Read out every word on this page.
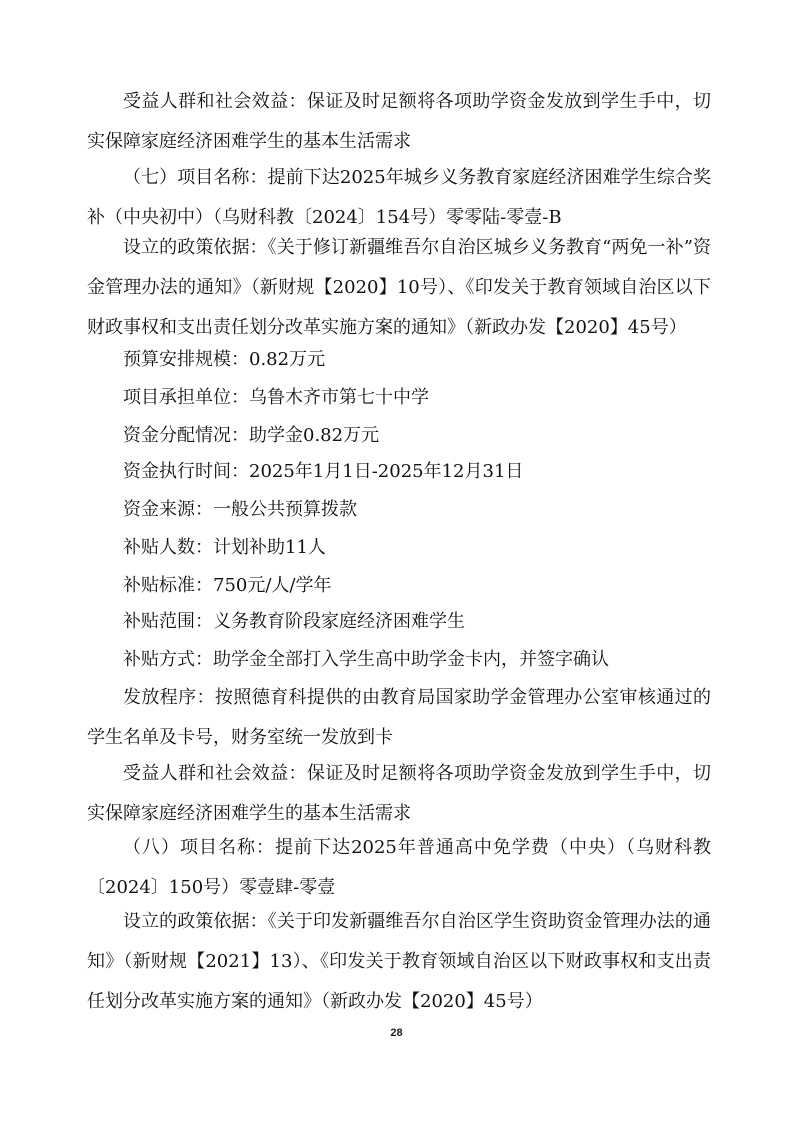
受益人群和社会效益：保证及时足额将各项助学资金发放到学生手中，切实保障家庭经济困难学生的基本生活需求

（七）项目名称：提前下达2025年城乡义务教育家庭经济困难学生综合奖补（中央初中）（乌财科教〔2024〕154号）零零陆-零壹-B

设立的政策依据：《关于修订新疆维吾尔自治区城乡义务教育“两免一补”资金管理办法的通知》（新财规【2020】10号）、《印发关于教育领域自治区以下财政事权和支出责任划分改革实施方案的通知》（新政办发【2020】45号）

预算安排规模：0.82万元

项目承担单位：乌鲁木齐市第七十中学

资金分配情况：助学金0.82万元

资金执行时间：2025年1月1日-2025年12月31日

资金来源：一般公共预算拨款

补贴人数：计划补助11人

补贴标准：750元/人/学年

补贴范围：义务教育阶段家庭经济困难学生

补贴方式：助学金全部打入学生高中助学金卡内，并签字确认

发放程序：按照德育科提供的由教育局国家助学金管理办公室审核通过的学生名单及卡号，财务室统一发放到卡

受益人群和社会效益：保证及时足额将各项助学资金发放到学生手中，切实保障家庭经济困难学生的基本生活需求

（八）项目名称：提前下达2025年普通高中免学费（中央）（乌财科教〔2024〕150号）零壹肆-零壹

设立的政策依据：《关于印发新疆维吾尔自治区学生资助资金管理办法的通知》（新财规【2021】13）、《印发关于教育领域自治区以下财政事权和支出责任划分改革实施方案的通知》（新政办发【2020】45号）

28
